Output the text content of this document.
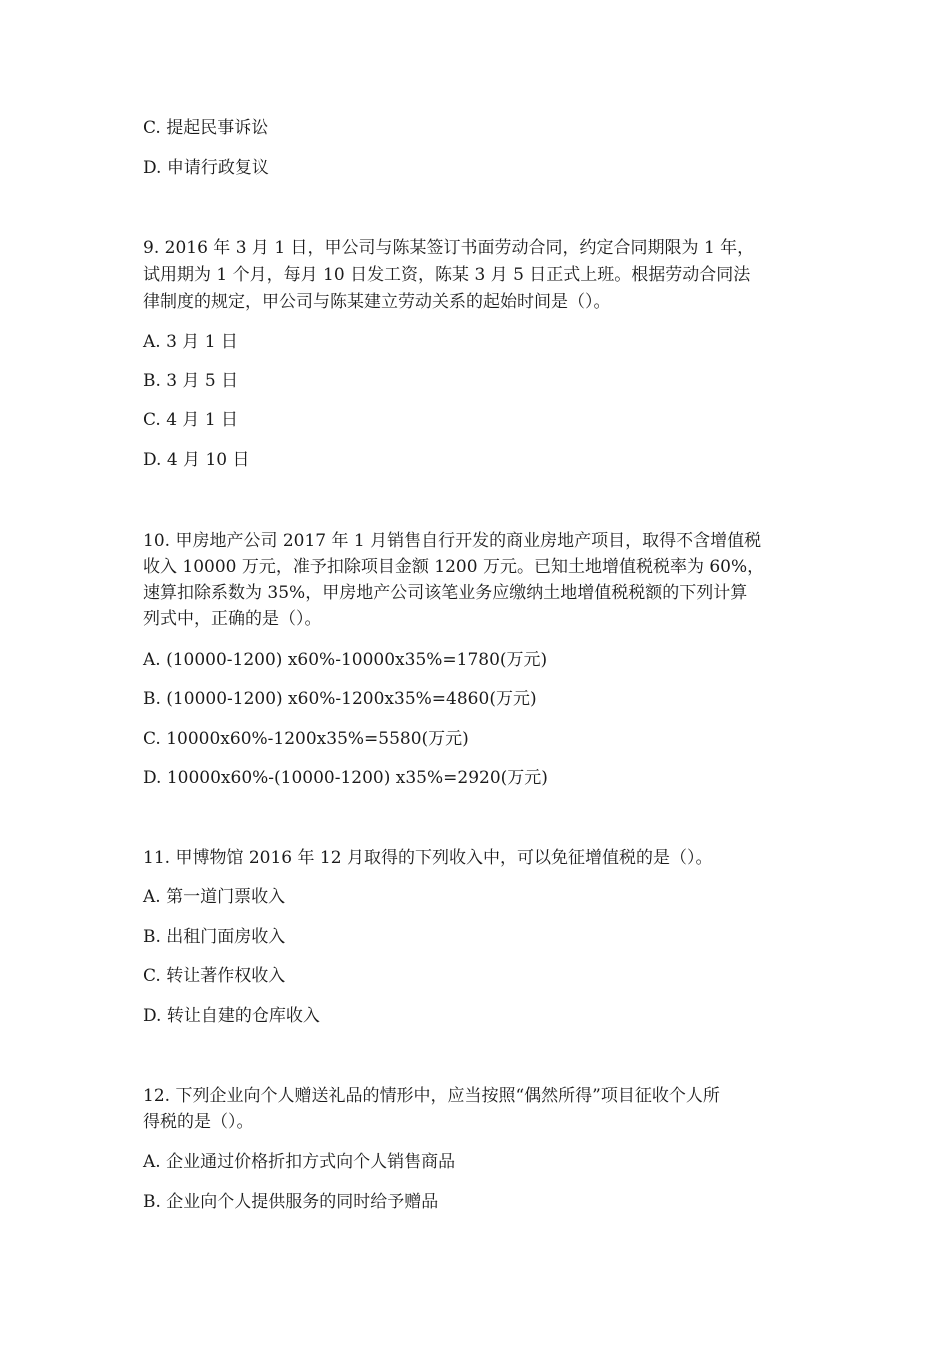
C. 提起民事诉讼
D. 申请行政复议
9. 2016 年 3 月 1 日，甲公司与陈某签订书面劳动合同，约定合同期限为 1 年，
试用期为 1 个月，每月 10 日发工资，陈某 3 月 5 日正式上班。根据劳动合同法
律制度的规定，甲公司与陈某建立劳动关系的起始时间是（）。
A. 3 月 1 日
B. 3 月 5 日
C. 4 月 1 日
D. 4 月 10 日
10. 甲房地产公司 2017 年 1 月销售自行开发的商业房地产项目，取得不含增值税
收入 10000 万元，准予扣除项目金额 1200 万元。已知土地增值税税率为 60%，
速算扣除系数为 35%，甲房地产公司该笔业务应缴纳土地增值税税额的下列计算
列式中，正确的是（）。
A. (10000-1200) x60%-10000x35%=1780(万元)
B. (10000-1200) x60%-1200x35%=4860(万元)
C. 10000x60%-1200x35%=5580(万元)
D. 10000x60%-(10000-1200) x35%=2920(万元)
11. 甲博物馆 2016 年 12 月取得的下列收入中，可以免征增值税的是（）。
A. 第一道门票收入
B. 出租门面房收入
C. 转让著作权收入
D. 转让自建的仓库收入
12. 下列企业向个人赠送礼品的情形中，应当按照“偶然所得”项目征收个人所
得税的是（）。
A. 企业通过价格折扣方式向个人销售商品
B. 企业向个人提供服务的同时给予赠品
